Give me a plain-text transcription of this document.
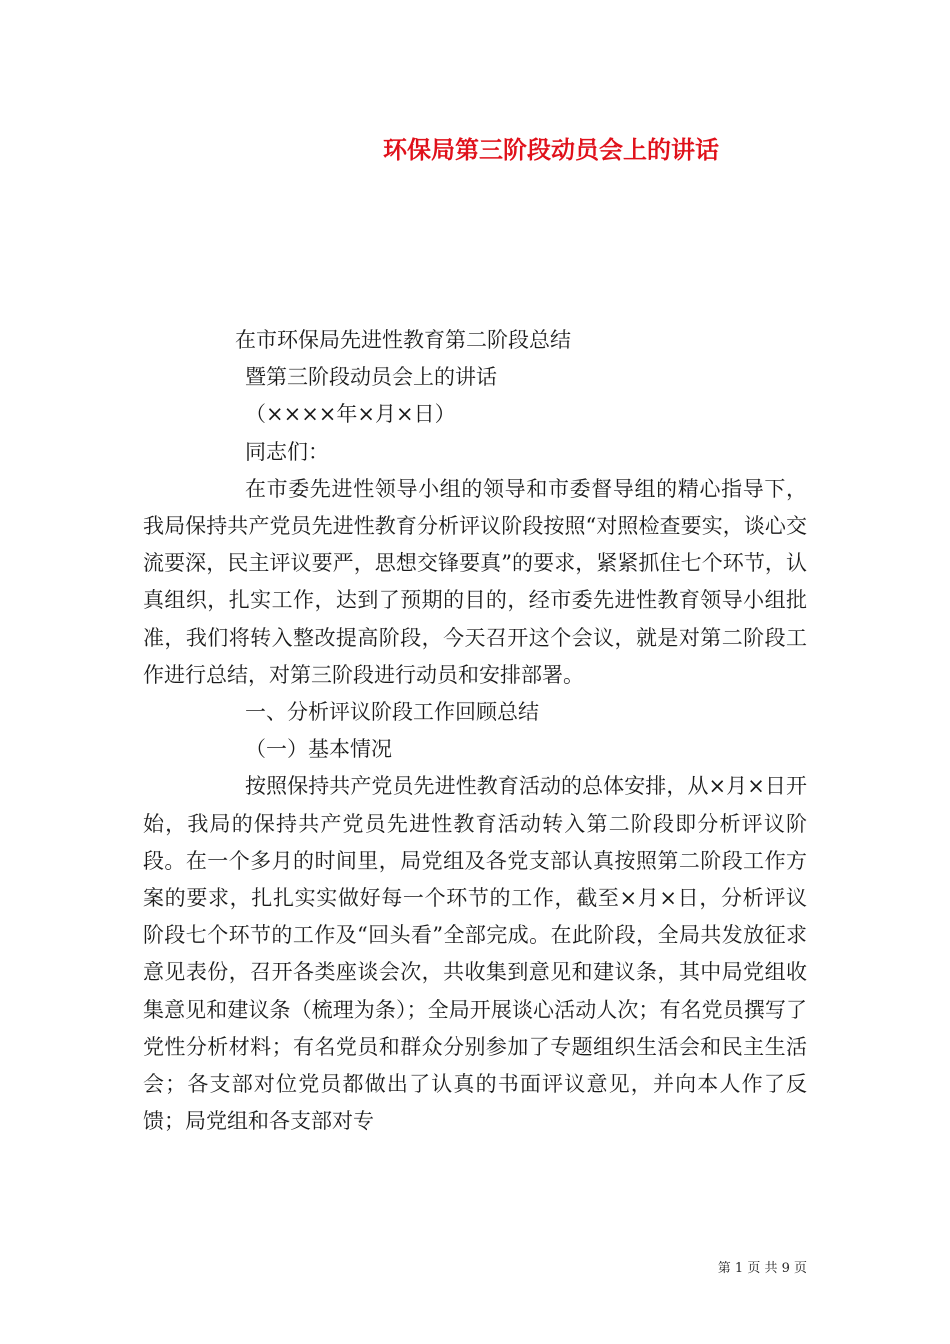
环保局第三阶段动员会上的讲话

在市环保局先进性教育第二阶段总结

暨第三阶段动员会上的讲话

（××××年×月×日）

同志们：

在市委先进性领导小组的领导和市委督导组的精心指导下，我局保持共产党员先进性教育分析评议阶段按照“对照检查要实，谈心交流要深，民主评议要严，思想交锋要真”的要求，紧紧抓住七个环节，认真组织，扎实工作，达到了预期的目的，经市委先进性教育领导小组批准，我们将转入整改提高阶段，今天召开这个会议，就是对第二阶段工作进行总结，对第三阶段进行动员和安排部署。

一、分析评议阶段工作回顾总结

（一）基本情况

按照保持共产党员先进性教育活动的总体安排，从×月×日开始，我局的保持共产党员先进性教育活动转入第二阶段即分析评议阶段。在一个多月的时间里，局党组及各党支部认真按照第二阶段工作方案的要求，扎扎实实做好每一个环节的工作，截至×月×日，分析评议阶段七个环节的工作及“回头看”全部完成。在此阶段，全局共发放征求意见表份，召开各类座谈会次，共收集到意见和建议条，其中局党组收集意见和建议条（梳理为条）；全局开展谈心活动人次；有名党员撰写了党性分析材料；有名党员和群众分别参加了专题组织生活会和民主生活会；各支部对位党员都做出了认真的书面评议意见，并向本人作了反馈；局党组和各支部对专

第 1 页 共 9 页
